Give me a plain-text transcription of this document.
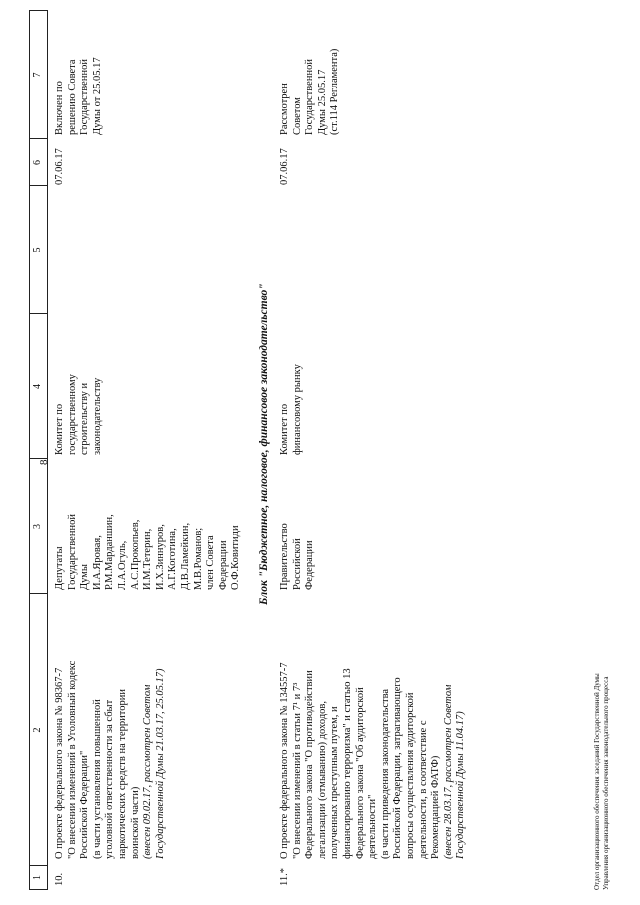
8
1
2
3
4
5
6
7
10.
О проекте федерального закона № 98367-7 "О внесении изменений в Уголовный кодекс Российской Федерации" (в части установления повышенной уголовной ответственности за сбыт наркотических средств на территории воинской части) (внесен 09.02.17, рассмотрен Советом Государственной Думы 21.03.17, 25.05.17)
Депутаты Государственной Думы И.А.Яровая, Р.М.Марданшин, Л.А.Огуль, А.С.Прокопьев, И.М.Тетерин, И.Х.Зиннуров, А.Г.Коготина, Д.В.Ламейкин, М.В.Романов; член Совета Федерации О.Ф.Ковитиди
Комитет по государственному строительству и законодательству
07.06.17
Включен по решению Совета Государственной Думы от 25.05.17
Блок "Бюджетное, налоговое, финансовое законодательство"
11.*
О проекте федерального закона № 134557-7 "О внесении изменений в статьи 7¹ и 7³ Федерального закона "О противодействии легализации (отмыванию) доходов, полученных преступным путем, и финансированию терроризма" и статью 13 Федерального закона "Об аудиторской деятельности" (в части приведения законодательства Российской Федерации, затрагивающего вопросы осуществления аудиторской деятельности, в соответствие с Рекомендацией ФАТФ) (внесен 28.03.17, рассмотрен Советом Государственной Думы 11.04.17)
Правительство Российской Федерации
Комитет по финансовому рынку
07.06.17
Рассмотрен Советом Государственной Думы 25.05.17 (ст.114 Регламента)
Отдел организационного обеспечения заседаний Государственной Думы Управления организационного обеспечения законодательного процесса
